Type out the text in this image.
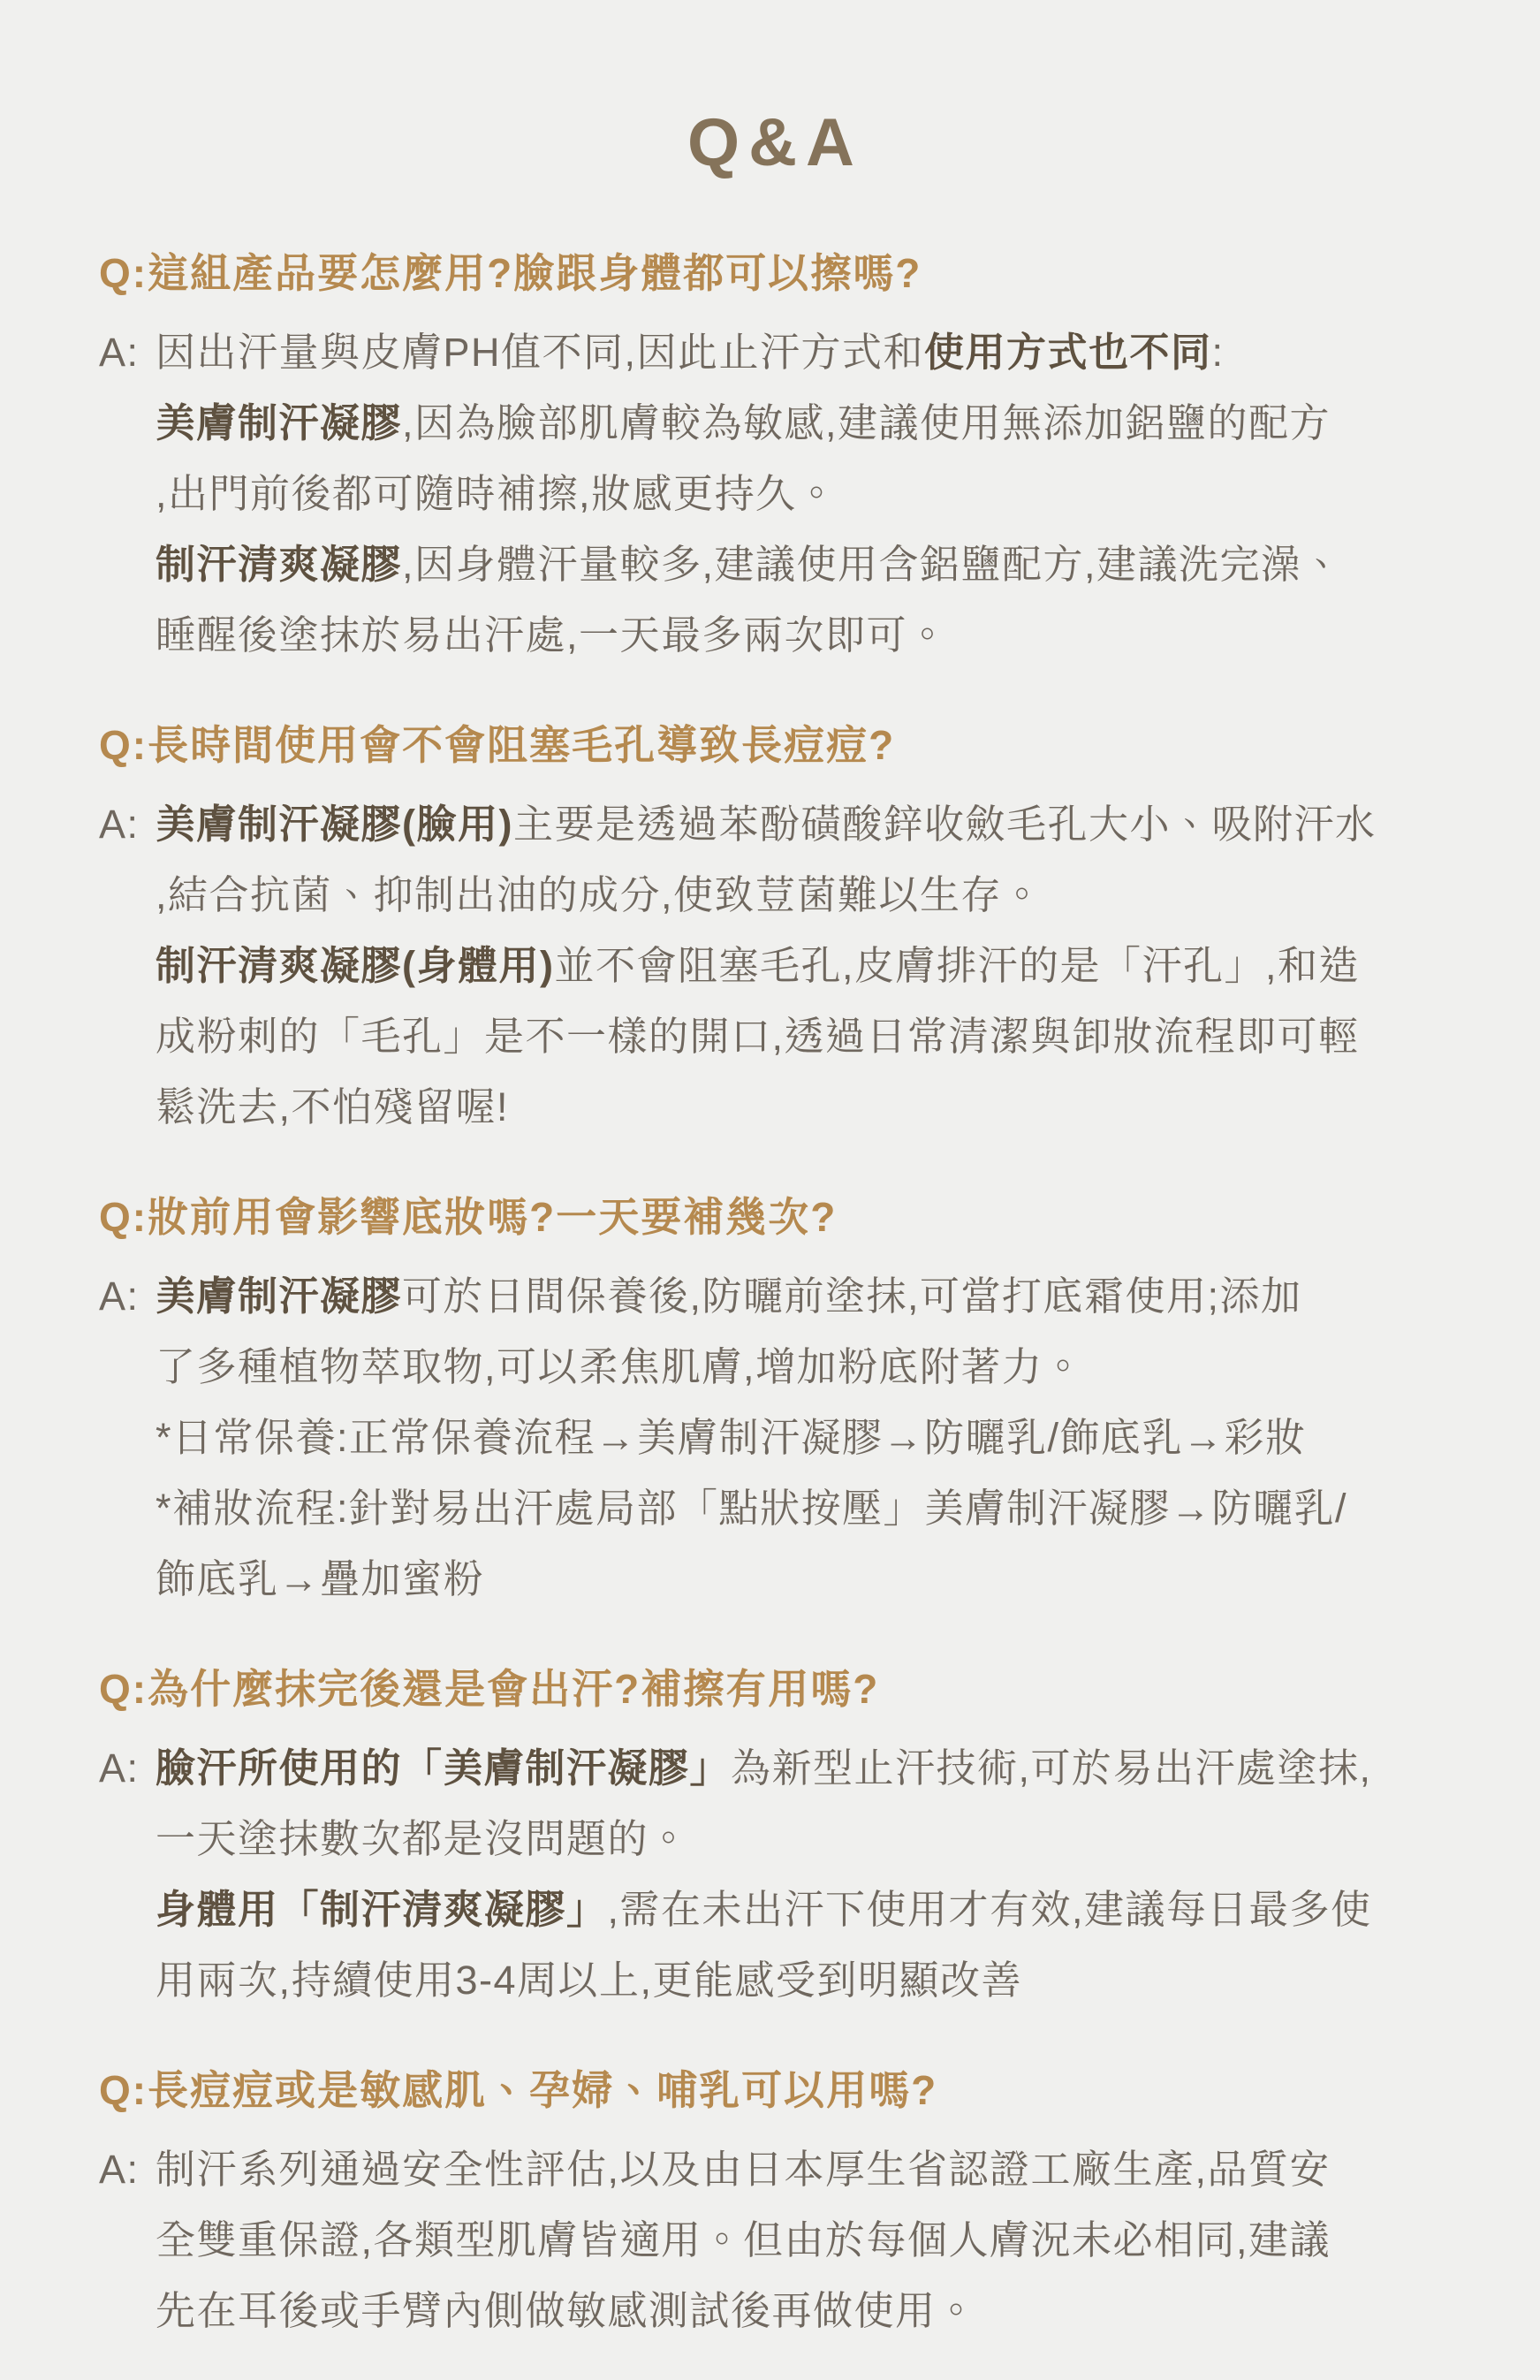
Q&A
Q:這組產品要怎麼用?臉跟身體都可以擦嗎?

A: 因出汗量與皮膚PH值不同,因此止汗方式和使用方式也不同:

美膚制汗凝膠,因為臉部肌膚較為敏感,建議使用無添加鋁鹽的配方

,出門前後都可隨時補擦,妝感更持久。

制汗清爽凝膠,因身體汗量較多,建議使用含鋁鹽配方,建議洗完澡、

睡醒後塗抹於易出汗處,一天最多兩次即可。

Q:長時間使用會不會阻塞毛孔導致長痘痘?

A: 美膚制汗凝膠(臉用)主要是透過苯酚磺酸鋅收斂毛孔大小、吸附汗水

,結合抗菌、抑制出油的成分,使致荳菌難以生存。

制汗清爽凝膠(身體用)並不會阻塞毛孔,皮膚排汗的是「汗孔」,和造

成粉刺的「毛孔」是不一樣的開口,透過日常清潔與卸妝流程即可輕

鬆洗去,不怕殘留喔!

Q:妝前用會影響底妝嗎?一天要補幾次?

A: 美膚制汗凝膠可於日間保養後,防曬前塗抹,可當打底霜使用;添加

了多種植物萃取物,可以柔焦肌膚,增加粉底附著力。

*日常保養:正常保養流程→美膚制汗凝膠→防曬乳/飾底乳→彩妝

*補妝流程:針對易出汗處局部「點狀按壓」美膚制汗凝膠→防曬乳/

飾底乳→疊加蜜粉

Q:為什麼抹完後還是會出汗?補擦有用嗎?

A: 臉汗所使用的「美膚制汗凝膠」為新型止汗技術,可於易出汗處塗抹,

一天塗抹數次都是沒問題的。

身體用「制汗清爽凝膠」,需在未出汗下使用才有效,建議每日最多使

用兩次,持續使用3-4周以上,更能感受到明顯改善

Q:長痘痘或是敏感肌、孕婦、哺乳可以用嗎?

A: 制汗系列通過安全性評估,以及由日本厚生省認證工廠生產,品質安

全雙重保證,各類型肌膚皆適用。但由於每個人膚況未必相同,建議

先在耳後或手臂內側做敏感測試後再做使用。
